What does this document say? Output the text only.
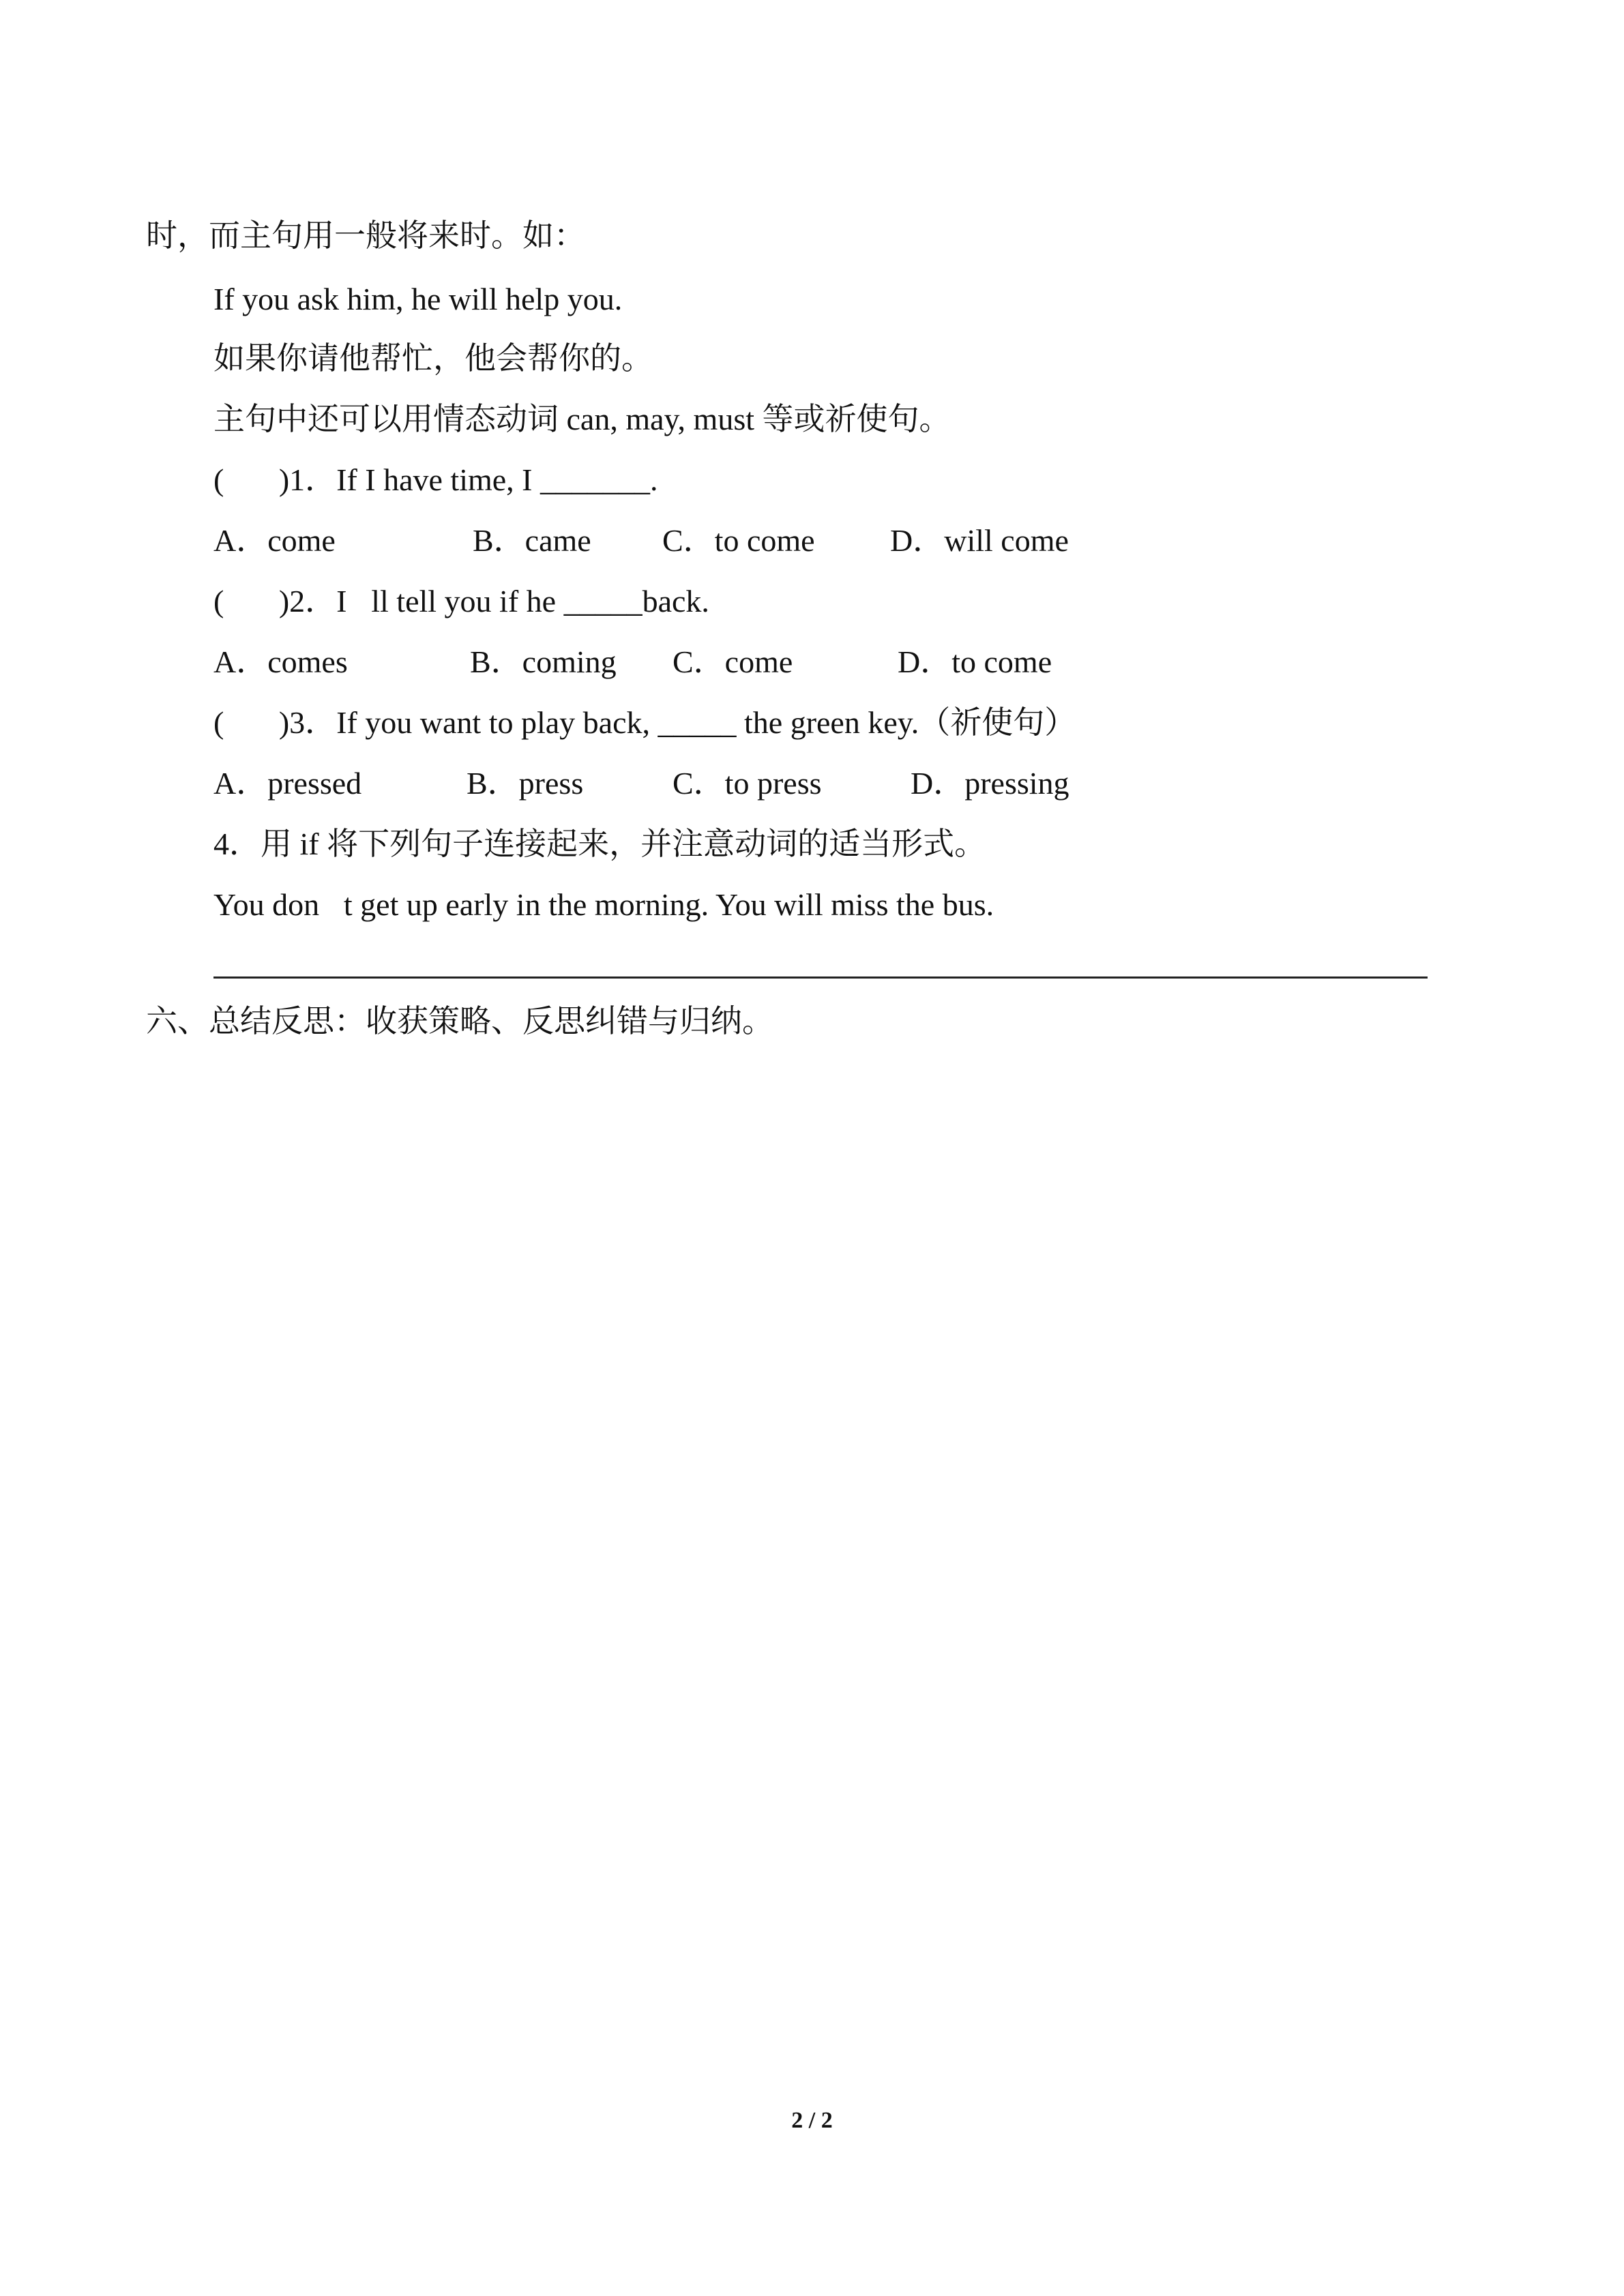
时，而主句用一般将来时。如：
If you ask him, he will help you.
如果你请他帮忙，他会帮你的。
主句中还可以用情态动词 can, may, must 等或祈使句。
(       )1．If I have time, I _______.
A．come	B．came C．to come D．will come
(       )2．I ll tell you if he _____back.
A．comes	B．coming C．come	D．to come
(       )3．If you want to play back, _____ the green key.（祈使句）
A．pressed	B．press	C．to press	D．pressing
4．用 if 将下列句子连接起来，并注意动词的适当形式。
You don t get up early in the morning. You will miss the bus.
六、总结反思：收获策略、反思纠错与归纳。
2 / 2
